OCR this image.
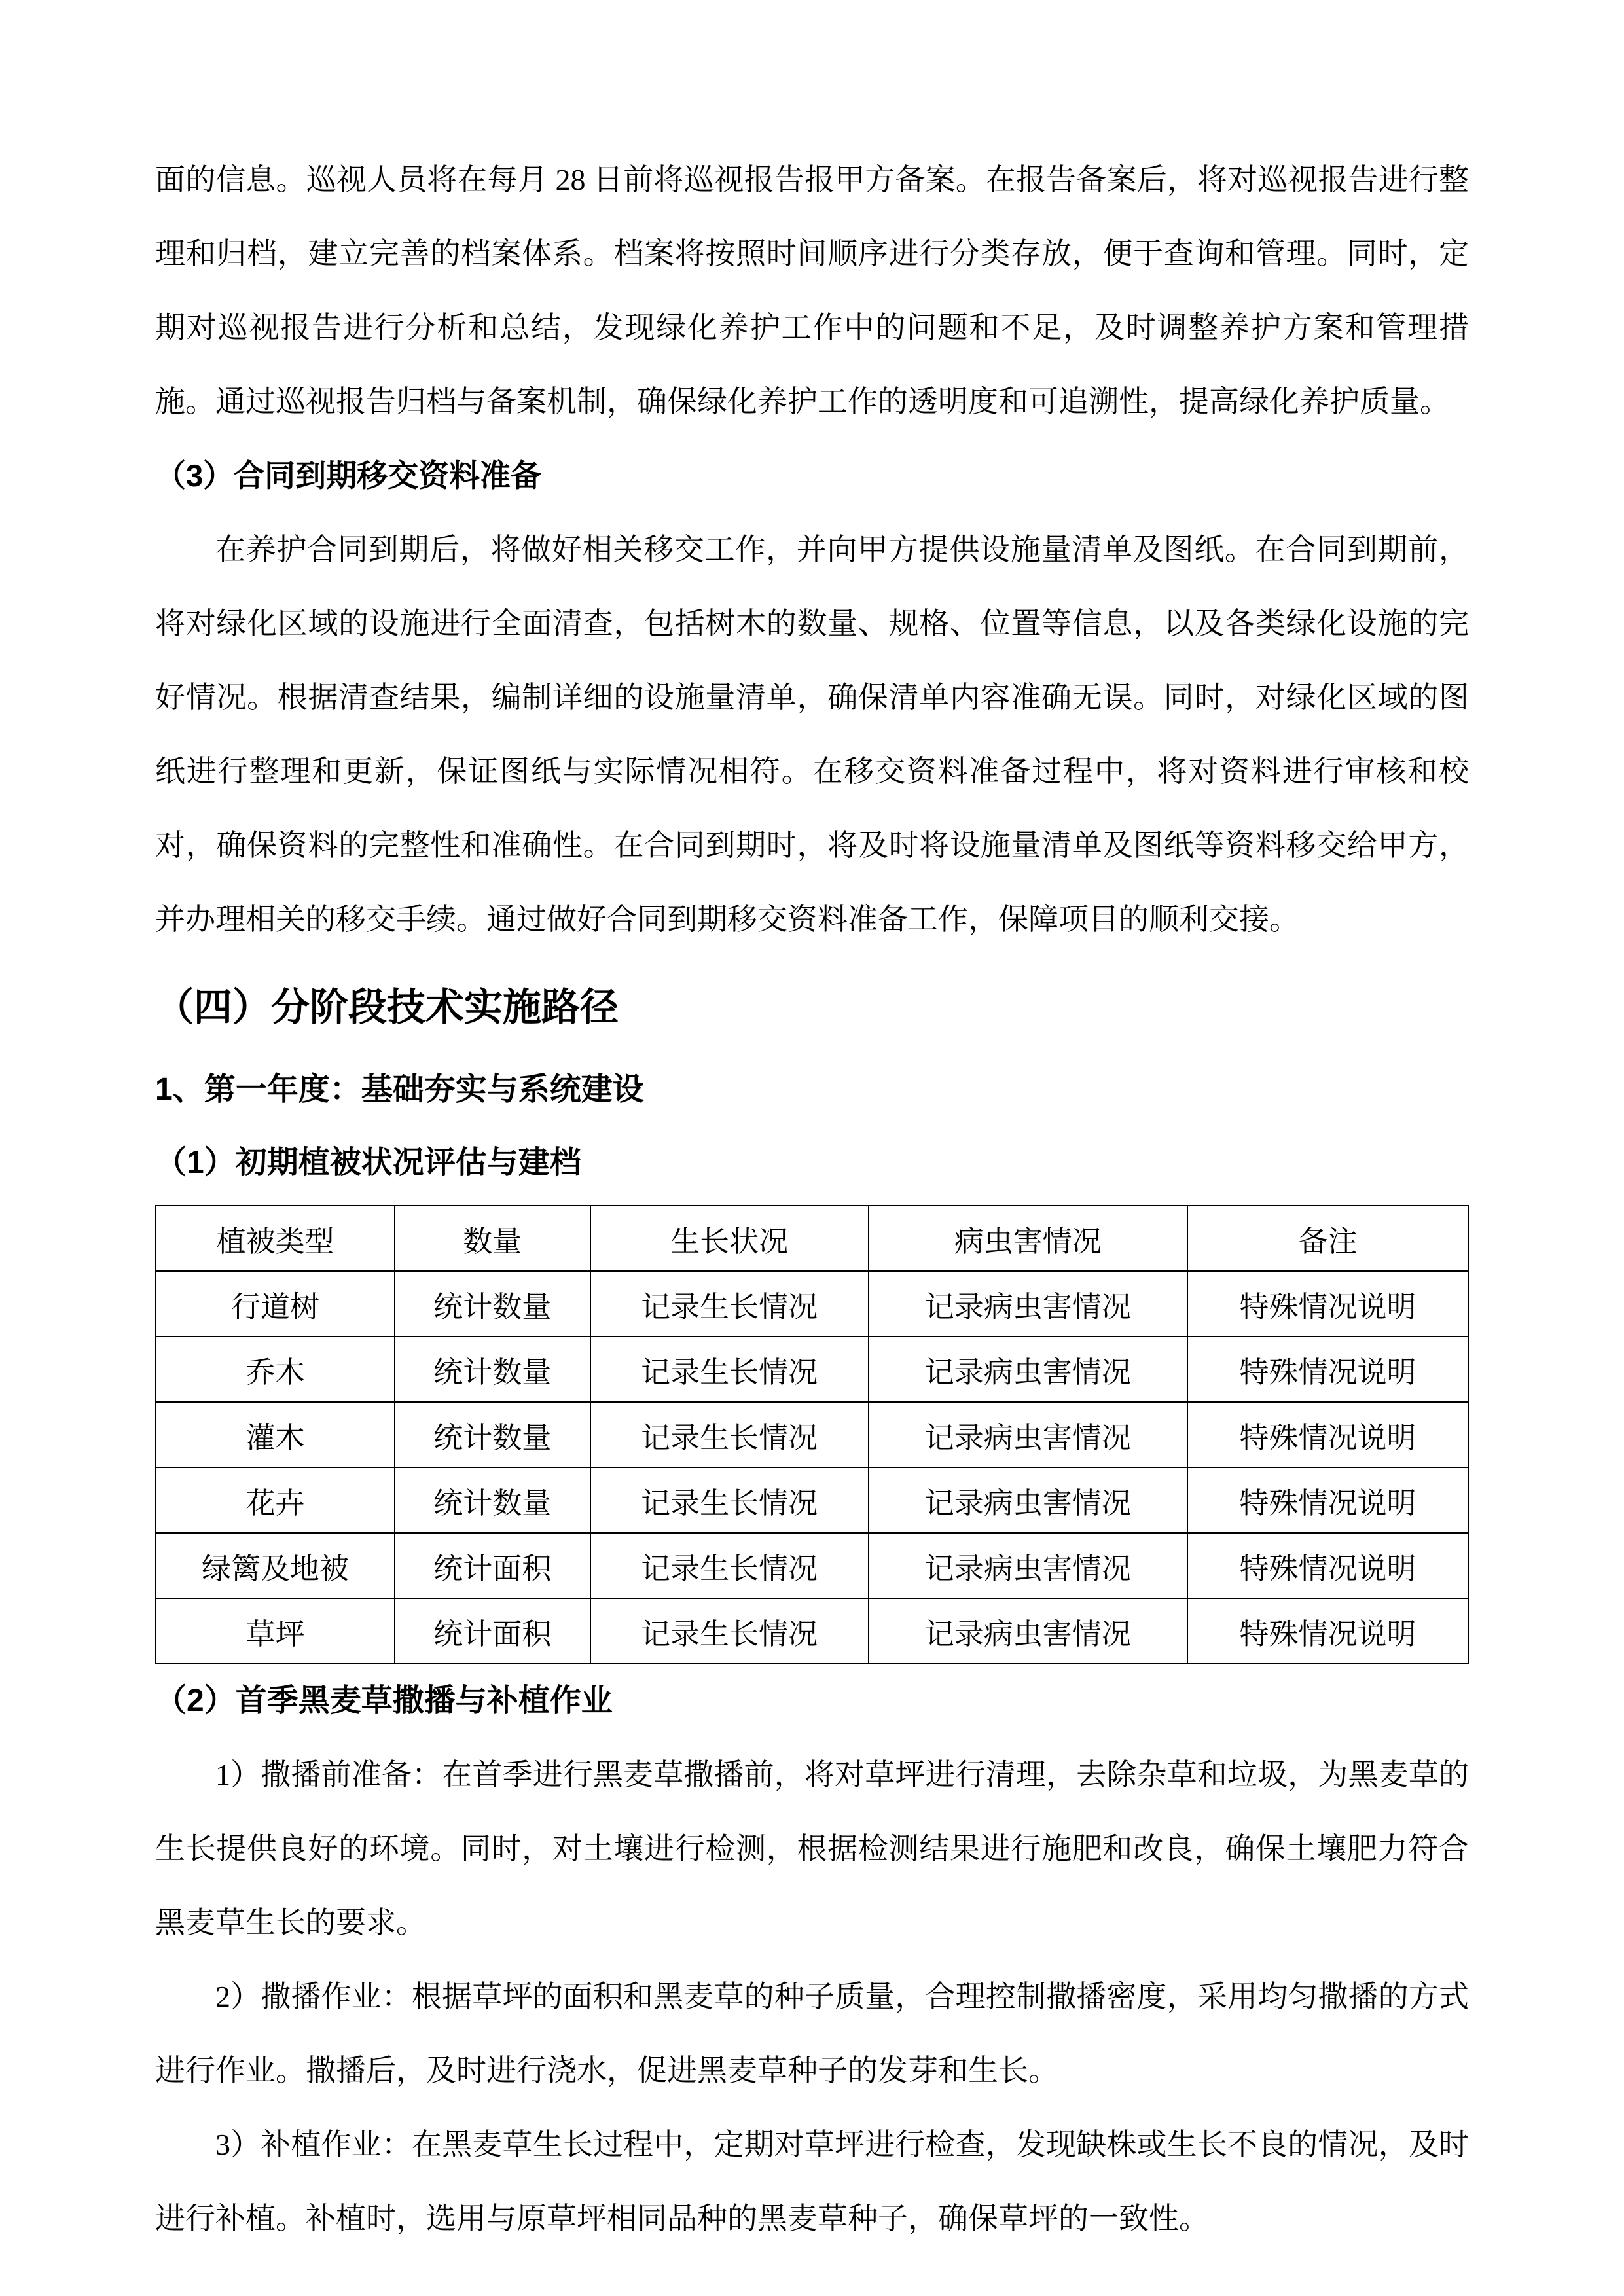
面的信息。巡视人员将在每月 28 日前将巡视报告报甲方备案。在报告备案后，将对巡视报告进行整理和归档，建立完善的档案体系。档案将按照时间顺序进行分类存放，便于查询和管理。同时，定期对巡视报告进行分析和总结，发现绿化养护工作中的问题和不足，及时调整养护方案和管理措施。通过巡视报告归档与备案机制，确保绿化养护工作的透明度和可追溯性，提高绿化养护质量。

（3）合同到期移交资料准备

在养护合同到期后，将做好相关移交工作，并向甲方提供设施量清单及图纸。在合同到期前，将对绿化区域的设施进行全面清查，包括树木的数量、规格、位置等信息，以及各类绿化设施的完好情况。根据清查结果，编制详细的设施量清单，确保清单内容准确无误。同时，对绿化区域的图纸进行整理和更新，保证图纸与实际情况相符。在移交资料准备过程中，将对资料进行审核和校对，确保资料的完整性和准确性。在合同到期时，将及时将设施量清单及图纸等资料移交给甲方，并办理相关的移交手续。通过做好合同到期移交资料准备工作，保障项目的顺利交接。

（四）分阶段技术实施路径

1、第一年度：基础夯实与系统建设

（1）初期植被状况评估与建档

植被类型	数量	生长状况	病虫害情况	备注
行道树	统计数量	记录生长情况	记录病虫害情况	特殊情况说明
乔木	统计数量	记录生长情况	记录病虫害情况	特殊情况说明
灌木	统计数量	记录生长情况	记录病虫害情况	特殊情况说明
花卉	统计数量	记录生长情况	记录病虫害情况	特殊情况说明
绿篱及地被	统计面积	记录生长情况	记录病虫害情况	特殊情况说明
草坪	统计面积	记录生长情况	记录病虫害情况	特殊情况说明

（2）首季黑麦草撒播与补植作业

1）撒播前准备：在首季进行黑麦草撒播前，将对草坪进行清理，去除杂草和垃圾，为黑麦草的生长提供良好的环境。同时，对土壤进行检测，根据检测结果进行施肥和改良，确保土壤肥力符合黑麦草生长的要求。

2）撒播作业：根据草坪的面积和黑麦草的种子质量，合理控制撒播密度，采用均匀撒播的方式进行作业。撒播后，及时进行浇水，促进黑麦草种子的发芽和生长。

3）补植作业：在黑麦草生长过程中，定期对草坪进行检查，发现缺株或生长不良的情况，及时进行补植。补植时，选用与原草坪相同品种的黑麦草种子，确保草坪的一致性。
